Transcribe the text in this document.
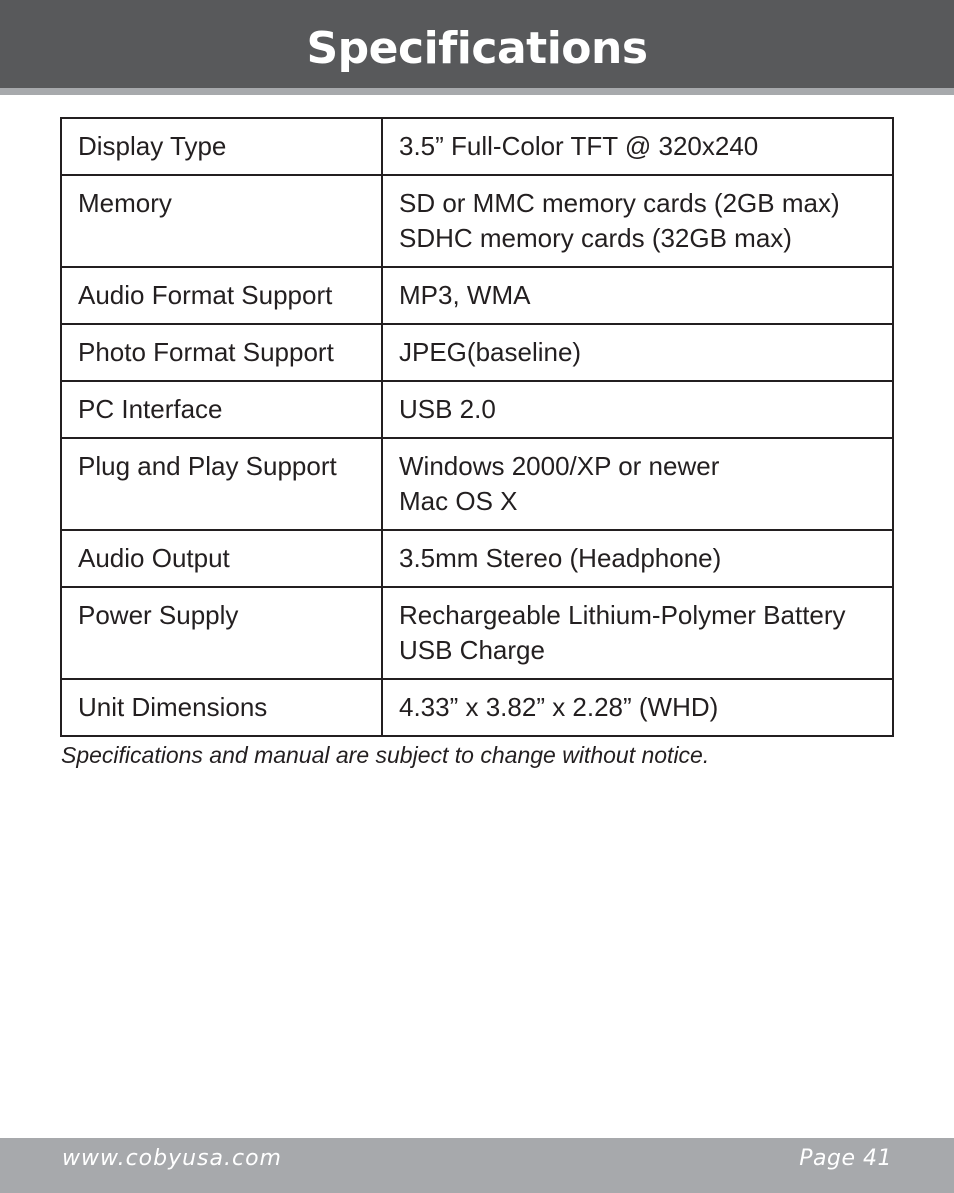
Specifications
Display Type	3.5” Full-Color TFT @ 320x240

Memory	SD or MMC memory cards (2GB max)
SDHC memory cards (32GB max)

Audio Format Support	MP3, WMA

Photo Format Support	JPEG(baseline)

PC Interface	USB 2.0

Plug and Play Support	Windows 2000/XP or newer
Mac OS X

Audio Output	3.5mm Stereo (Headphone)

Power Supply	Rechargeable Lithium-Polymer Battery
USB Charge

Unit Dimensions	4.33” x 3.82” x 2.28” (WHD)
Specifications and manual are subject to change without notice.
www.cobyusa.com	Page 41
